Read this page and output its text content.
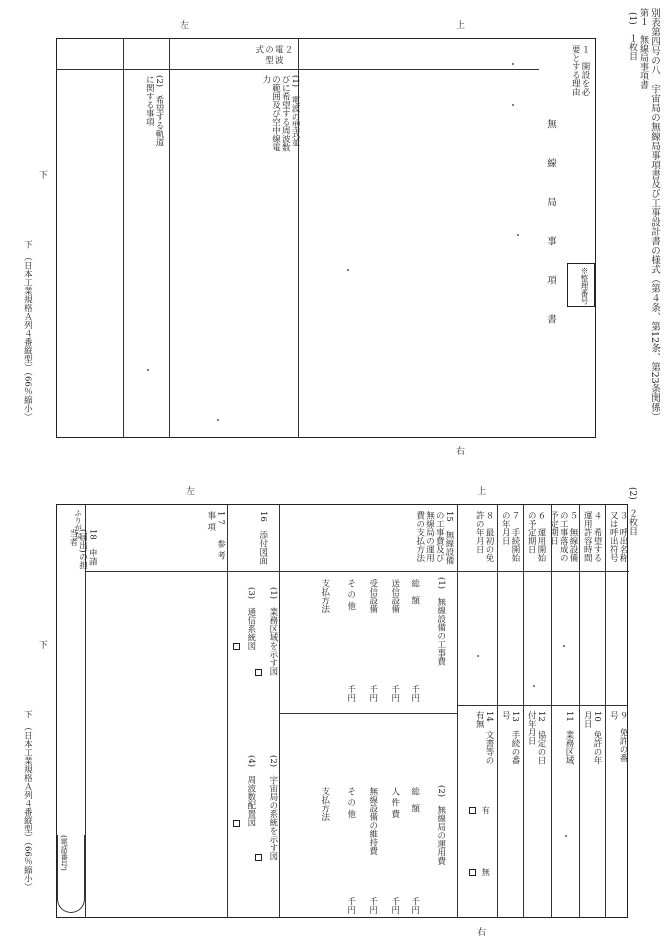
別表第四号の八　宇宙局の無線局事項書及び工事設計書の様式（第４条、第12条、第23条関係）
第１　無線局事項書
(1)　１枚目
(2)　２枚目
上
左
右
下
下　（日本工業規格Ａ列４番縦型）（66％縮小）	無　線　局　事　項　書	※整理番号
１　開設を必要とする理由
２　電波の型式
(1)　電波の型式並びに希望する周波数の範囲及び空中線電力
(2)　希望する軌道に関する事項
上
左
右
下
下　（日本工業規格Ａ列４番縦型）（66％縮小）
３　呼出名称又は呼出符号
４　希望する運用許容時間
５　無線設備の工事落成の予定期日
６　運用開始の予定期日
７　手続開始の年月日
８　最初の免許の年月日
９　免許の番号
10　免許の年月日
11　業務区域
12　協定の日付年月日
13　手続の番号
14　文書等の有無
有
無
15　無線設備の工事費及び無線局の運用費の支払方法
(1)　無線設備の工事費
(2)　無線局の運用費
総　額
送信設備
受信設備
そ の 他
支払方法
千円
千円
千円
千円
総　額
人 件 費
無線設備の維持費
そ の 他
支払方法
千円
千円
千円
千円
16　添付図面
(1)　業務区域を示す図
(2)　宇宙局の系統を示す図
(3)　通信系統図
(4)　周波数配置図
17　参考事項
18　申請(届出)の担当者
ふりがな
(電話番号)
